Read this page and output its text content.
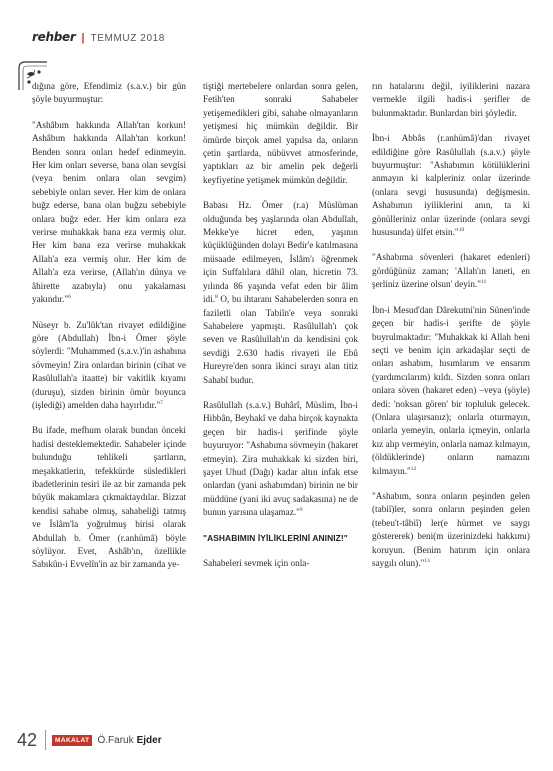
rehber | TEMMUZ 2018

dığına göre, Efendimiz (s.a.v.) bir gün şöyle buyurmuştur:

"Ashâbım hakkında Allah'tan korkun! Ashâbım hakkında Allah'tan korkun! Benden sonra onları hedef edinmeyin. Her kim onları severse, bana olan sevgisi (veya benim onlara olan sevgim) sebebiyle onları sever. Her kim de onlara buğz ederse, bana olan buğzu sebebiyle onlara buğz eder. Her kim onlara eza verirse muhakkak bana eza vermiş olur. Her kim bana eza verirse muhakkak Allah'a eza vermiş olur. Her kim de Allah'a eza verirse, (Allah'ın dünya ve âhirette azabıyla) onu yakalaması yakındır."$^6$

Nüseyr b. Zu'lûk'tan rivayet edildiğine göre (Abdullah) İbn-i Ömer şöyle söylerdi: "Muhammed (s.a.v.)'in ashabına sövmeyin! Zira onlardan birinin (cihat ve Rasûlullah'a itaatte) bir vakitlik kıyamı (duruşu), sizden birinin ömür boyunca (işlediği) amelden daha hayırlıdır."$^7$

Bu ifade, mefhum olarak bundan önceki hadisi desteklemektedir. Sahabeler içinde bulunduğu tehlikeli şartların, meşakkatlerin, tefekkürde süsledikleri ibadetlerinin tesiri ile az bir zamanda pek büyük makamlara çıkmaktaydılar. Bizzat kendisi sahabe olmuş, sahabeliği tatmış ve İslâm'la yoğrulmuş birisi olarak Abdullah b. Ömer (r.anhümâ) böyle söylüyor. Evet, Ashâb'ın, özellikle Sabıkûn-i Evvelîn'in az bir zamanda ye-

tiştiği mertebelere onlardan sonra gelen, Fetih'ten sonraki Sahabeler yetişemedikleri gibi, sahabe olmayanların yetişmesi hiç mümkün değildir. Bir ömürde birçok amel yapılsa da, onların çetin şartlarda, nübüvvet atmosferinde, yaptıkları az bir amelin pek değerli keyfiyetine yetişmek mümkün değildir.

Babası Hz. Ömer (r.a) Müslüman olduğunda beş yaşlarında olan Abdullah, Mekke'ye hicret eden, yaşının küçüklüğünden dolayı Bedir'e katılmasına müsaade edilmeyen, İslâm'ı öğrenmek için Suffalılara dâhil olan, hicretin 73. yılında 86 yaşında vefat eden bir âlim idi.$^8$ O, bu ihtaranı Sahabelerden sonra en faziletli olan Tabiîn'e veya sonraki Sahabelere yapmıştı. Rasûlullah'ı çok seven ve Rasûlullah'ın da kendisini çok sevdiği 2.630 hadis rivayeti ile Ebû Hureyre'den sonra ikinci sırayı alan titiz Sahabî budur.

Rasûlullah (s.a.v.) Buhârî, Müslim, İbn-i Hibbân, Beyhakî ve daha birçok kaynakta geçen bir hadis-i şerifinde şöyle buyuruyor: "Ashabıma sövmeyin (hakaret etmeyin). Zira muhakkak ki sizden biri, şayet Uhud (Dağı) kadar altın infak etse onlardan (yani ashabımdan) birinin ne bir müddüne (yani iki avuç sadakasına) ne de bunun yarısına ulaşamaz."$^9$

"ASHABIMIN İYİLİKLERİNİ ANINIZ!"

Sahabeleri sevmek için onla-

rın hatalarını değil, iyiliklerini nazara vermekle ilgili hadis-i şerifler de bulunmaktadır. Bunlardan biri şöyledir.

İbn-i Abbâs (r.anhümâ)'dan rivayet edildiğine göre Rasûlullah (s.a.v.) şöyle buyurmuştur: "Ashabımın kötülüklerini anmayın ki kalpleriniz onlar üzerinde (onlara sevgi hususunda) değişmesin. Ashabımın iyiliklerini anın, ta ki gönülleriniz onlar üzerinde (onlara sevgi hususunda) ülfet etsin."$^{10}$

"Ashabıma sövenleri (hakaret edenleri) gördüğünüz zaman; 'Allah'ın laneti, en şerliniz üzerine olsun' deyin."$^{11}$

İbn-i Mesud'dan Dârekutni'nin Sünen'inde geçen bir hadis-i şerifte de şöyle buyrulmaktadır: "Muhakkak ki Allah beni seçti ve benim için arkadaşlar seçti de onları ashabım, hısımlarım ve ensarım (yardımcılarım) kıldı. Sizden sonra onları onlara söven (hakaret eden) –veya (şöyle) dedi: 'noksan gören' bir topluluk gelecek. (Onlara ulaşırsanız); onlarla oturmayın, onlarla yemeyin, onlarla içmeyin, onlarla kız alıp vermeyin, onlarla namaz kılmayın, (öldüklerinde) onların namazını kılmayın."$^{12}$

"Ashabım, sonra onların peşinden gelen (tabiî)ler, sonra onların peşinden gelen (tebeu't-tâbiî) ler(e hürmet ve saygı göstererek) beni(m üzerinizdeki hakkımı) koruyun. (Benim hatırım için onlara saygılı olun)."$^{13}$

42	MAKALAT Ö.Faruk Ejder
